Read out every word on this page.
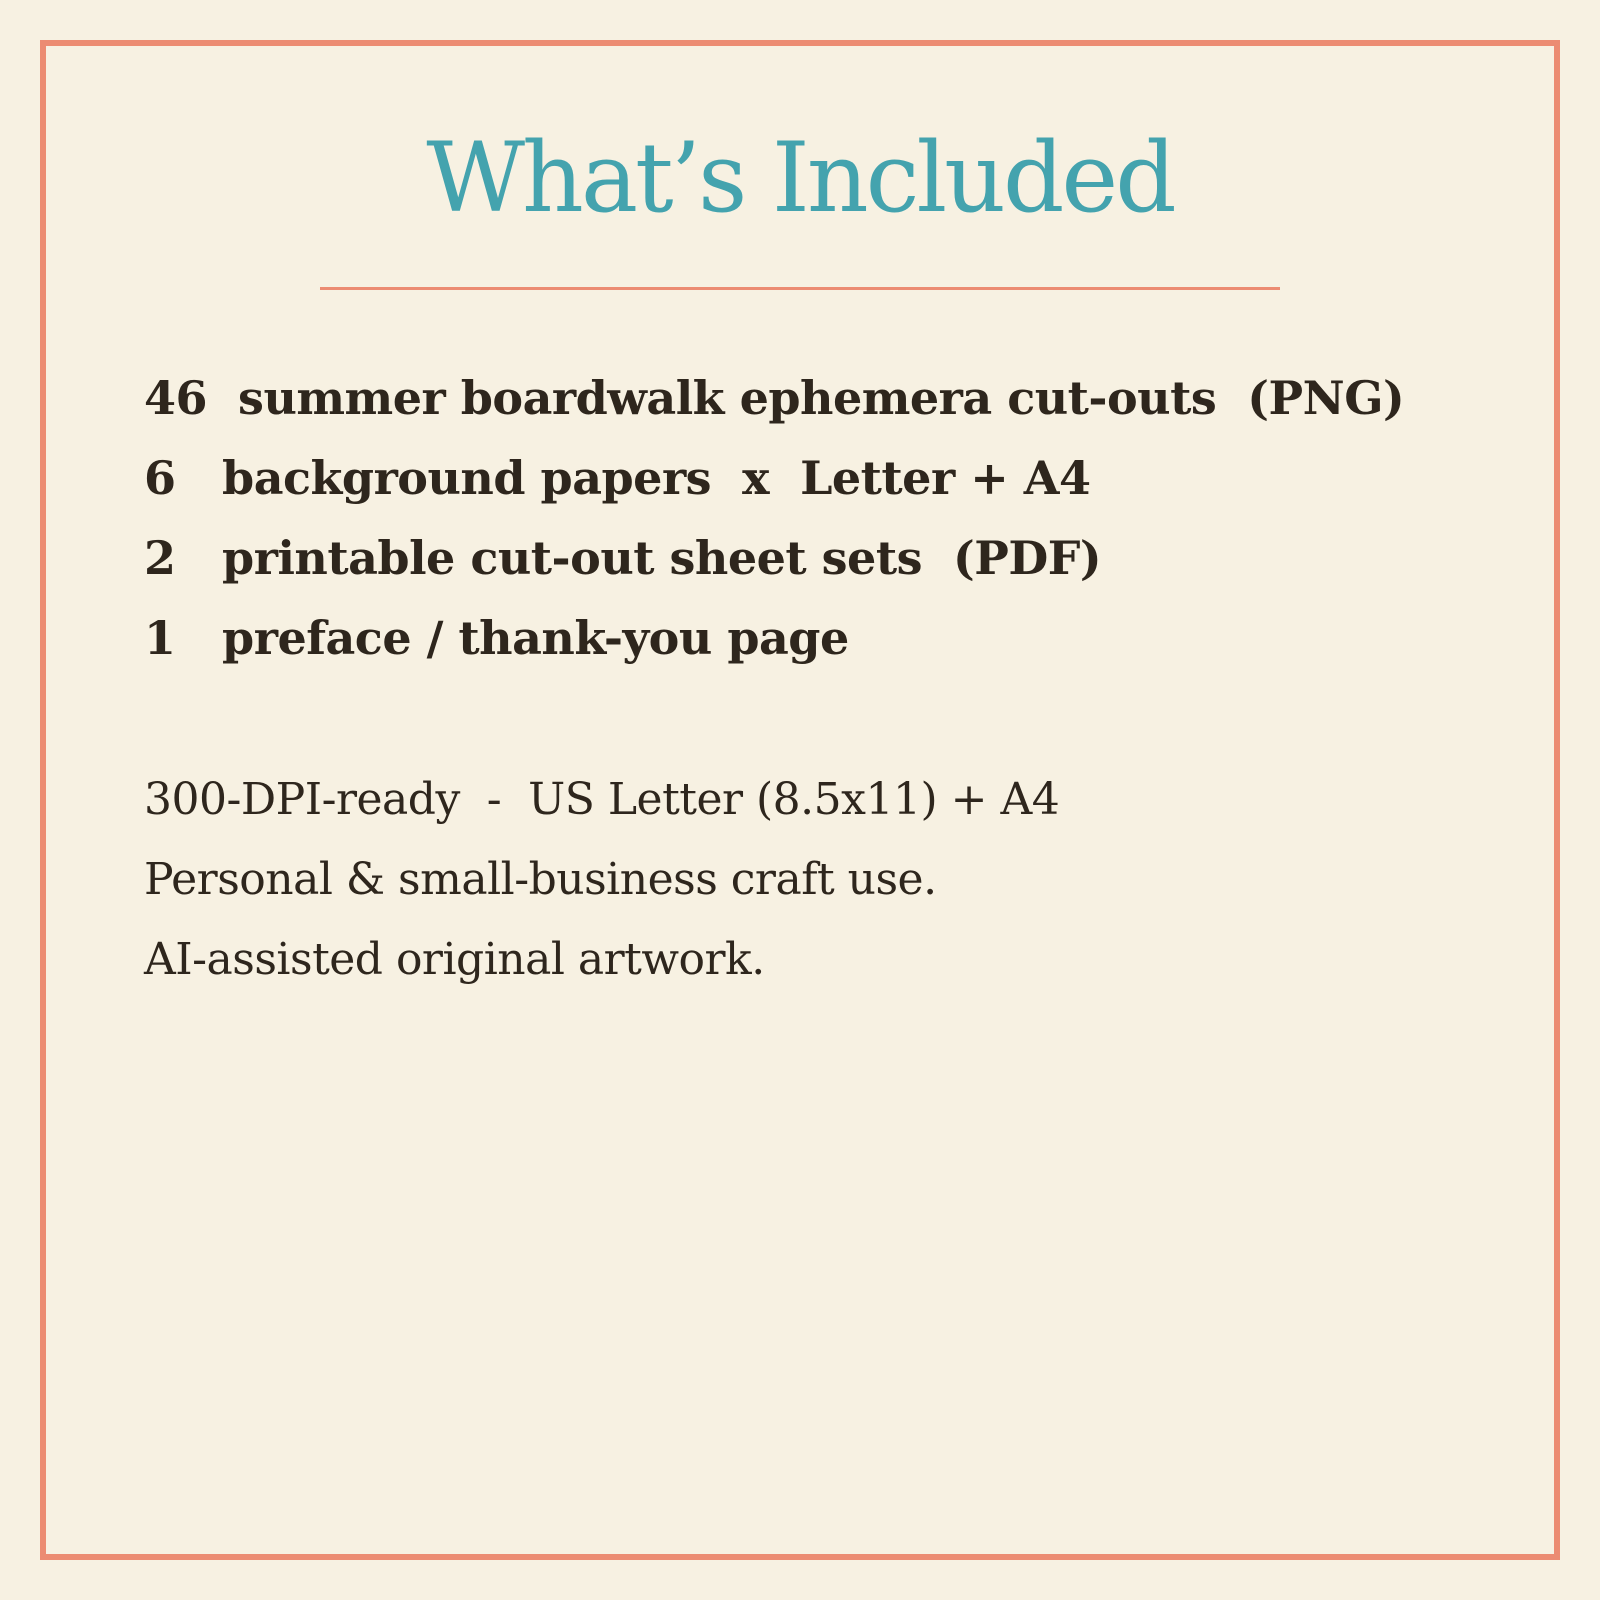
What’s Included
46  summer boardwalk ephemera cut-outs  (PNG)
6   background papers  x  Letter + A4
2   printable cut-out sheet sets  (PDF)
1   preface / thank-you page
300-DPI-ready  -  US Letter (8.5x11) + A4
Personal & small-business craft use.
AI-assisted original artwork.
